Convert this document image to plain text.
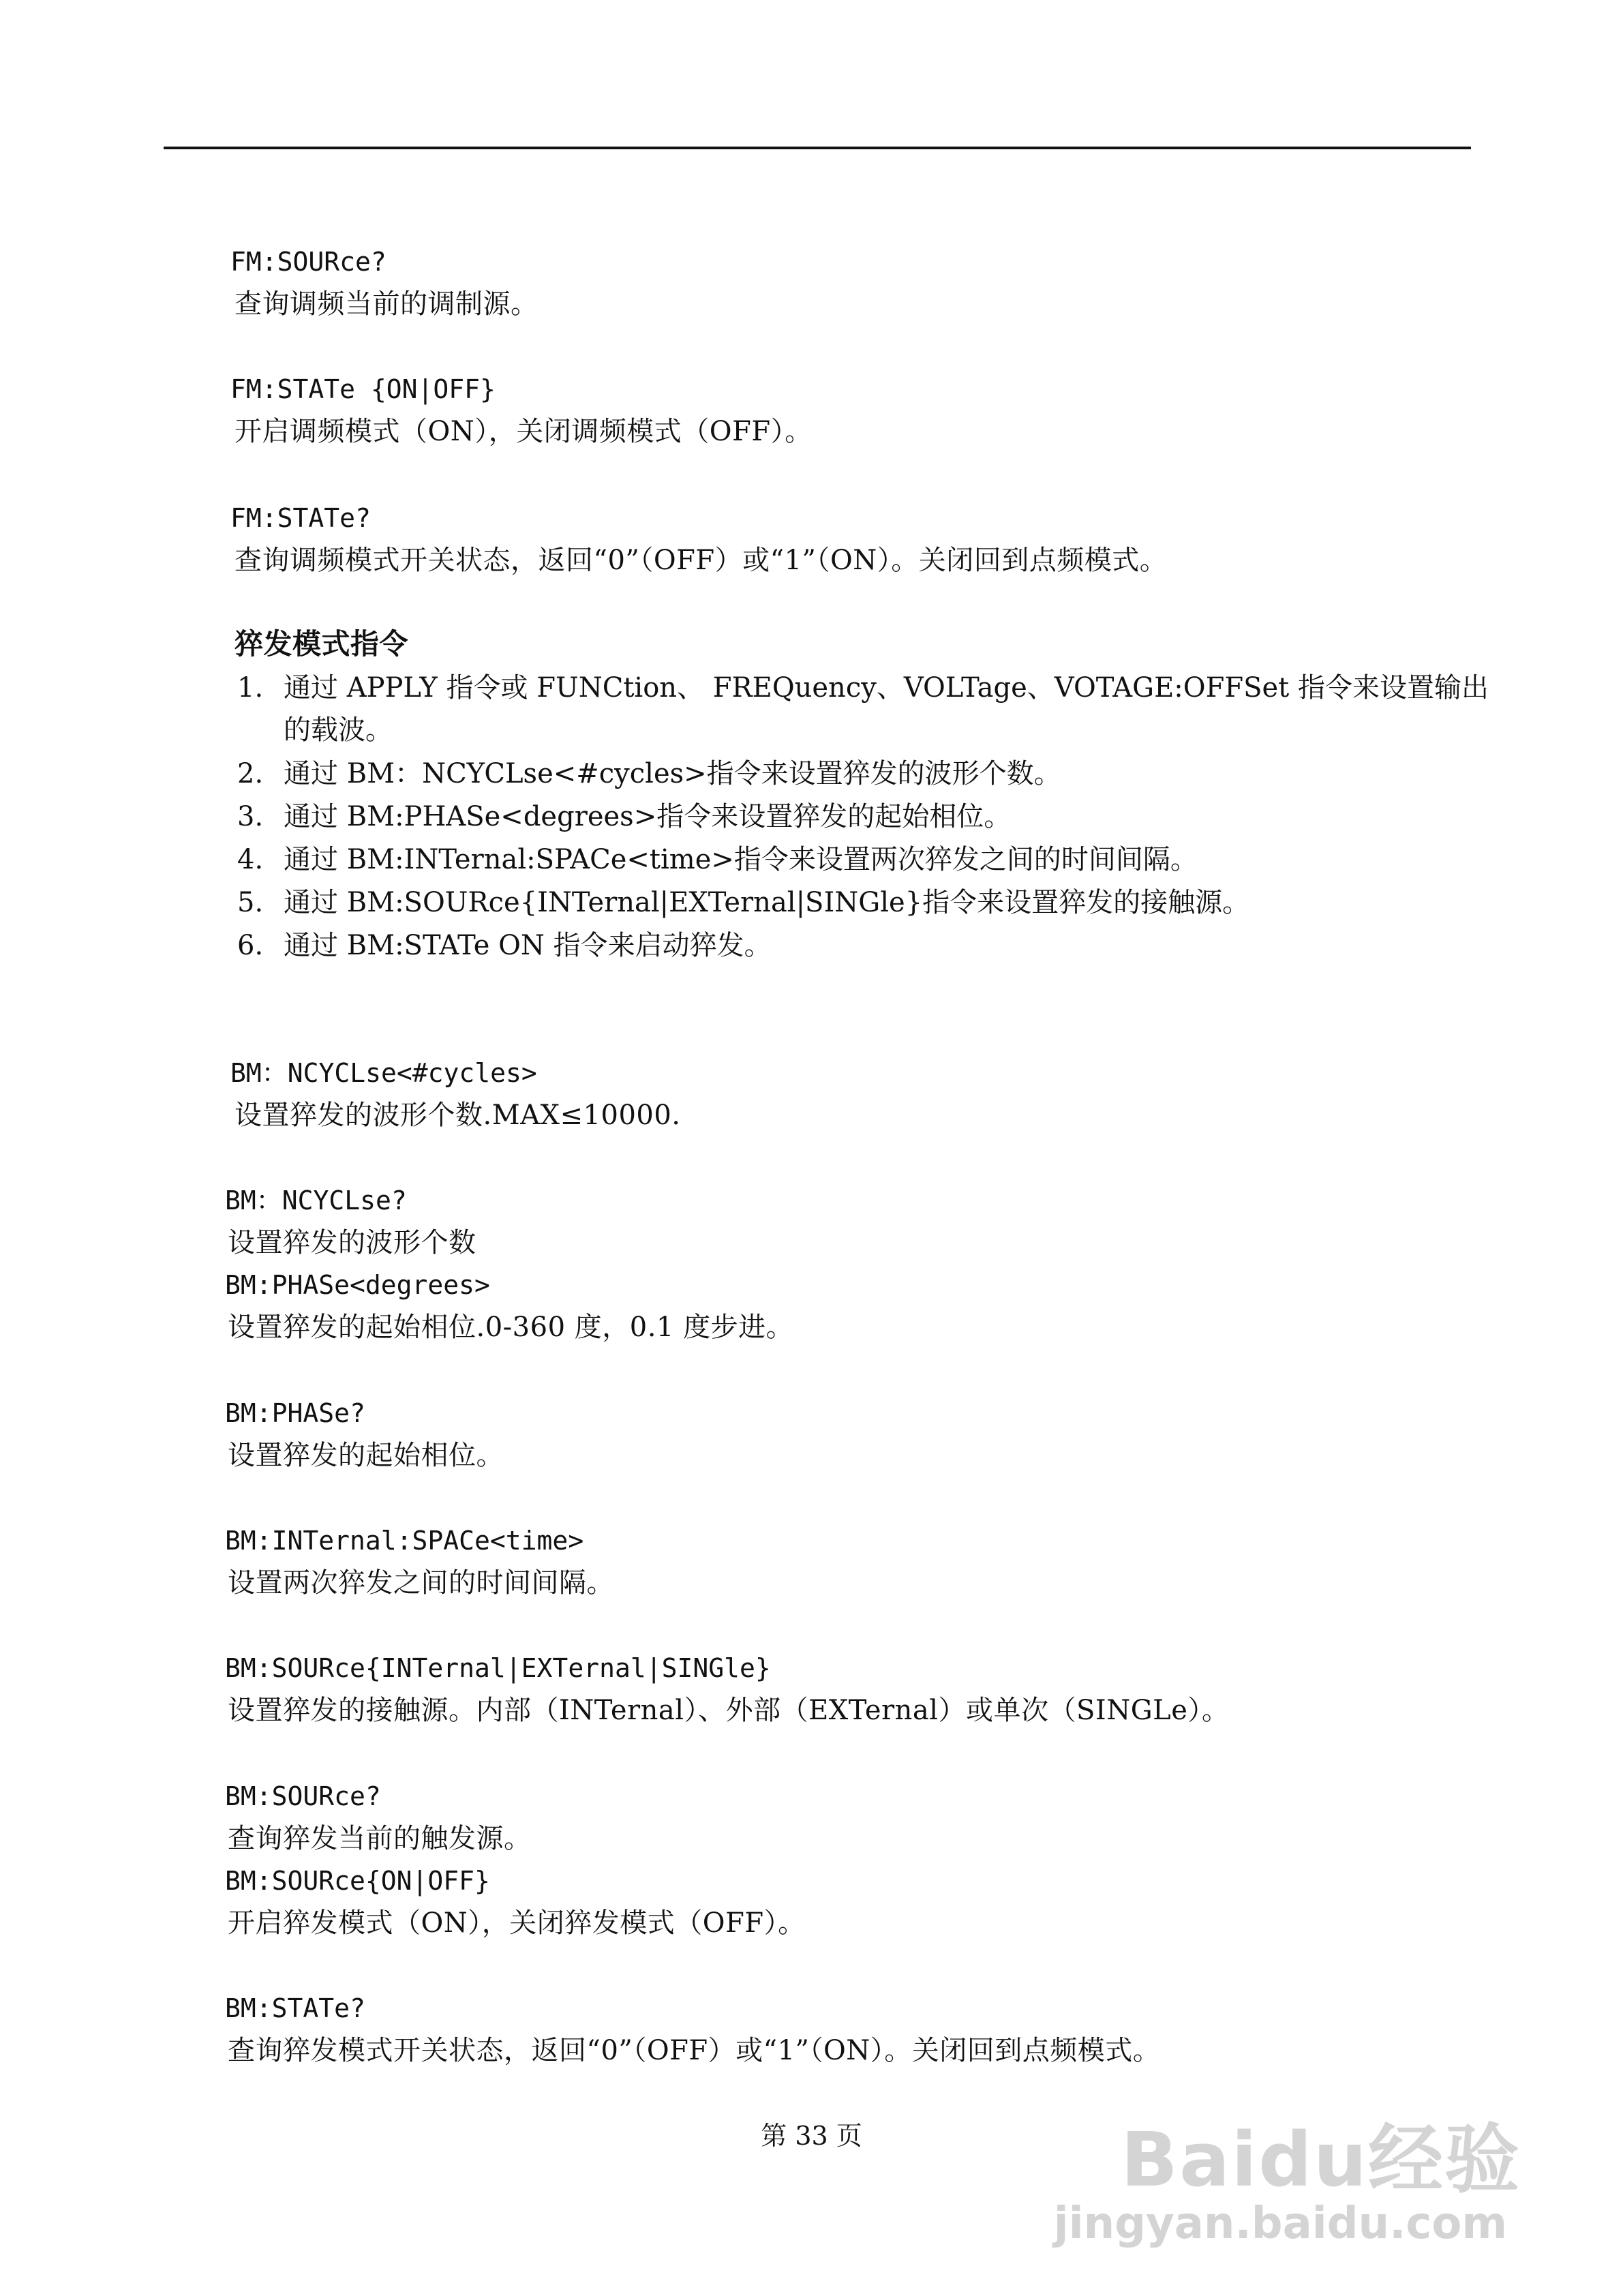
FM:SOURce?
查询调频当前的调制源。
FM:STATe {ON|OFF}
开启调频模式（ON），关闭调频模式（OFF）。
FM:STATe?
查询调频模式开关状态，返回“0”（OFF）或“1”（ON）。关闭回到点频模式。
猝发模式指令
1. 通过 APPLY 指令或 FUNCtion、 FREQuency、VOLTage、VOTAGE:OFFSet 指令来设置输出
的载波。
2. 通过 BM：NCYCLse<#cycles>指令来设置猝发的波形个数。
3. 通过 BM:PHASe<degrees>指令来设置猝发的起始相位。
4. 通过 BM:INTernal:SPACe<time>指令来设置两次猝发之间的时间间隔。
5. 通过 BM:SOURce{INTernal|EXTernal|SINGle}指令来设置猝发的接触源。
6. 通过 BM:STATe ON 指令来启动猝发。
BM：NCYCLse<#cycles>
设置猝发的波形个数.MAX≤10000.
BM：NCYCLse?
设置猝发的波形个数
BM:PHASe<degrees>
设置猝发的起始相位.0-360 度，0.1 度步进。
BM:PHASe?
设置猝发的起始相位。
BM:INTernal:SPACe<time>
设置两次猝发之间的时间间隔。
BM:SOURce{INTernal|EXTernal|SINGle}
设置猝发的接触源。内部（INTernal）、外部（EXTernal）或单次（SINGLe）。
BM:SOURce?
查询猝发当前的触发源。
BM:SOURce{ON|OFF}
开启猝发模式（ON），关闭猝发模式（OFF）。
BM:STATe?
查询猝发模式开关状态，返回“0”（OFF）或“1”（ON）。关闭回到点频模式。
第 33 页	Baidu经验
jingyan.baidu.com
